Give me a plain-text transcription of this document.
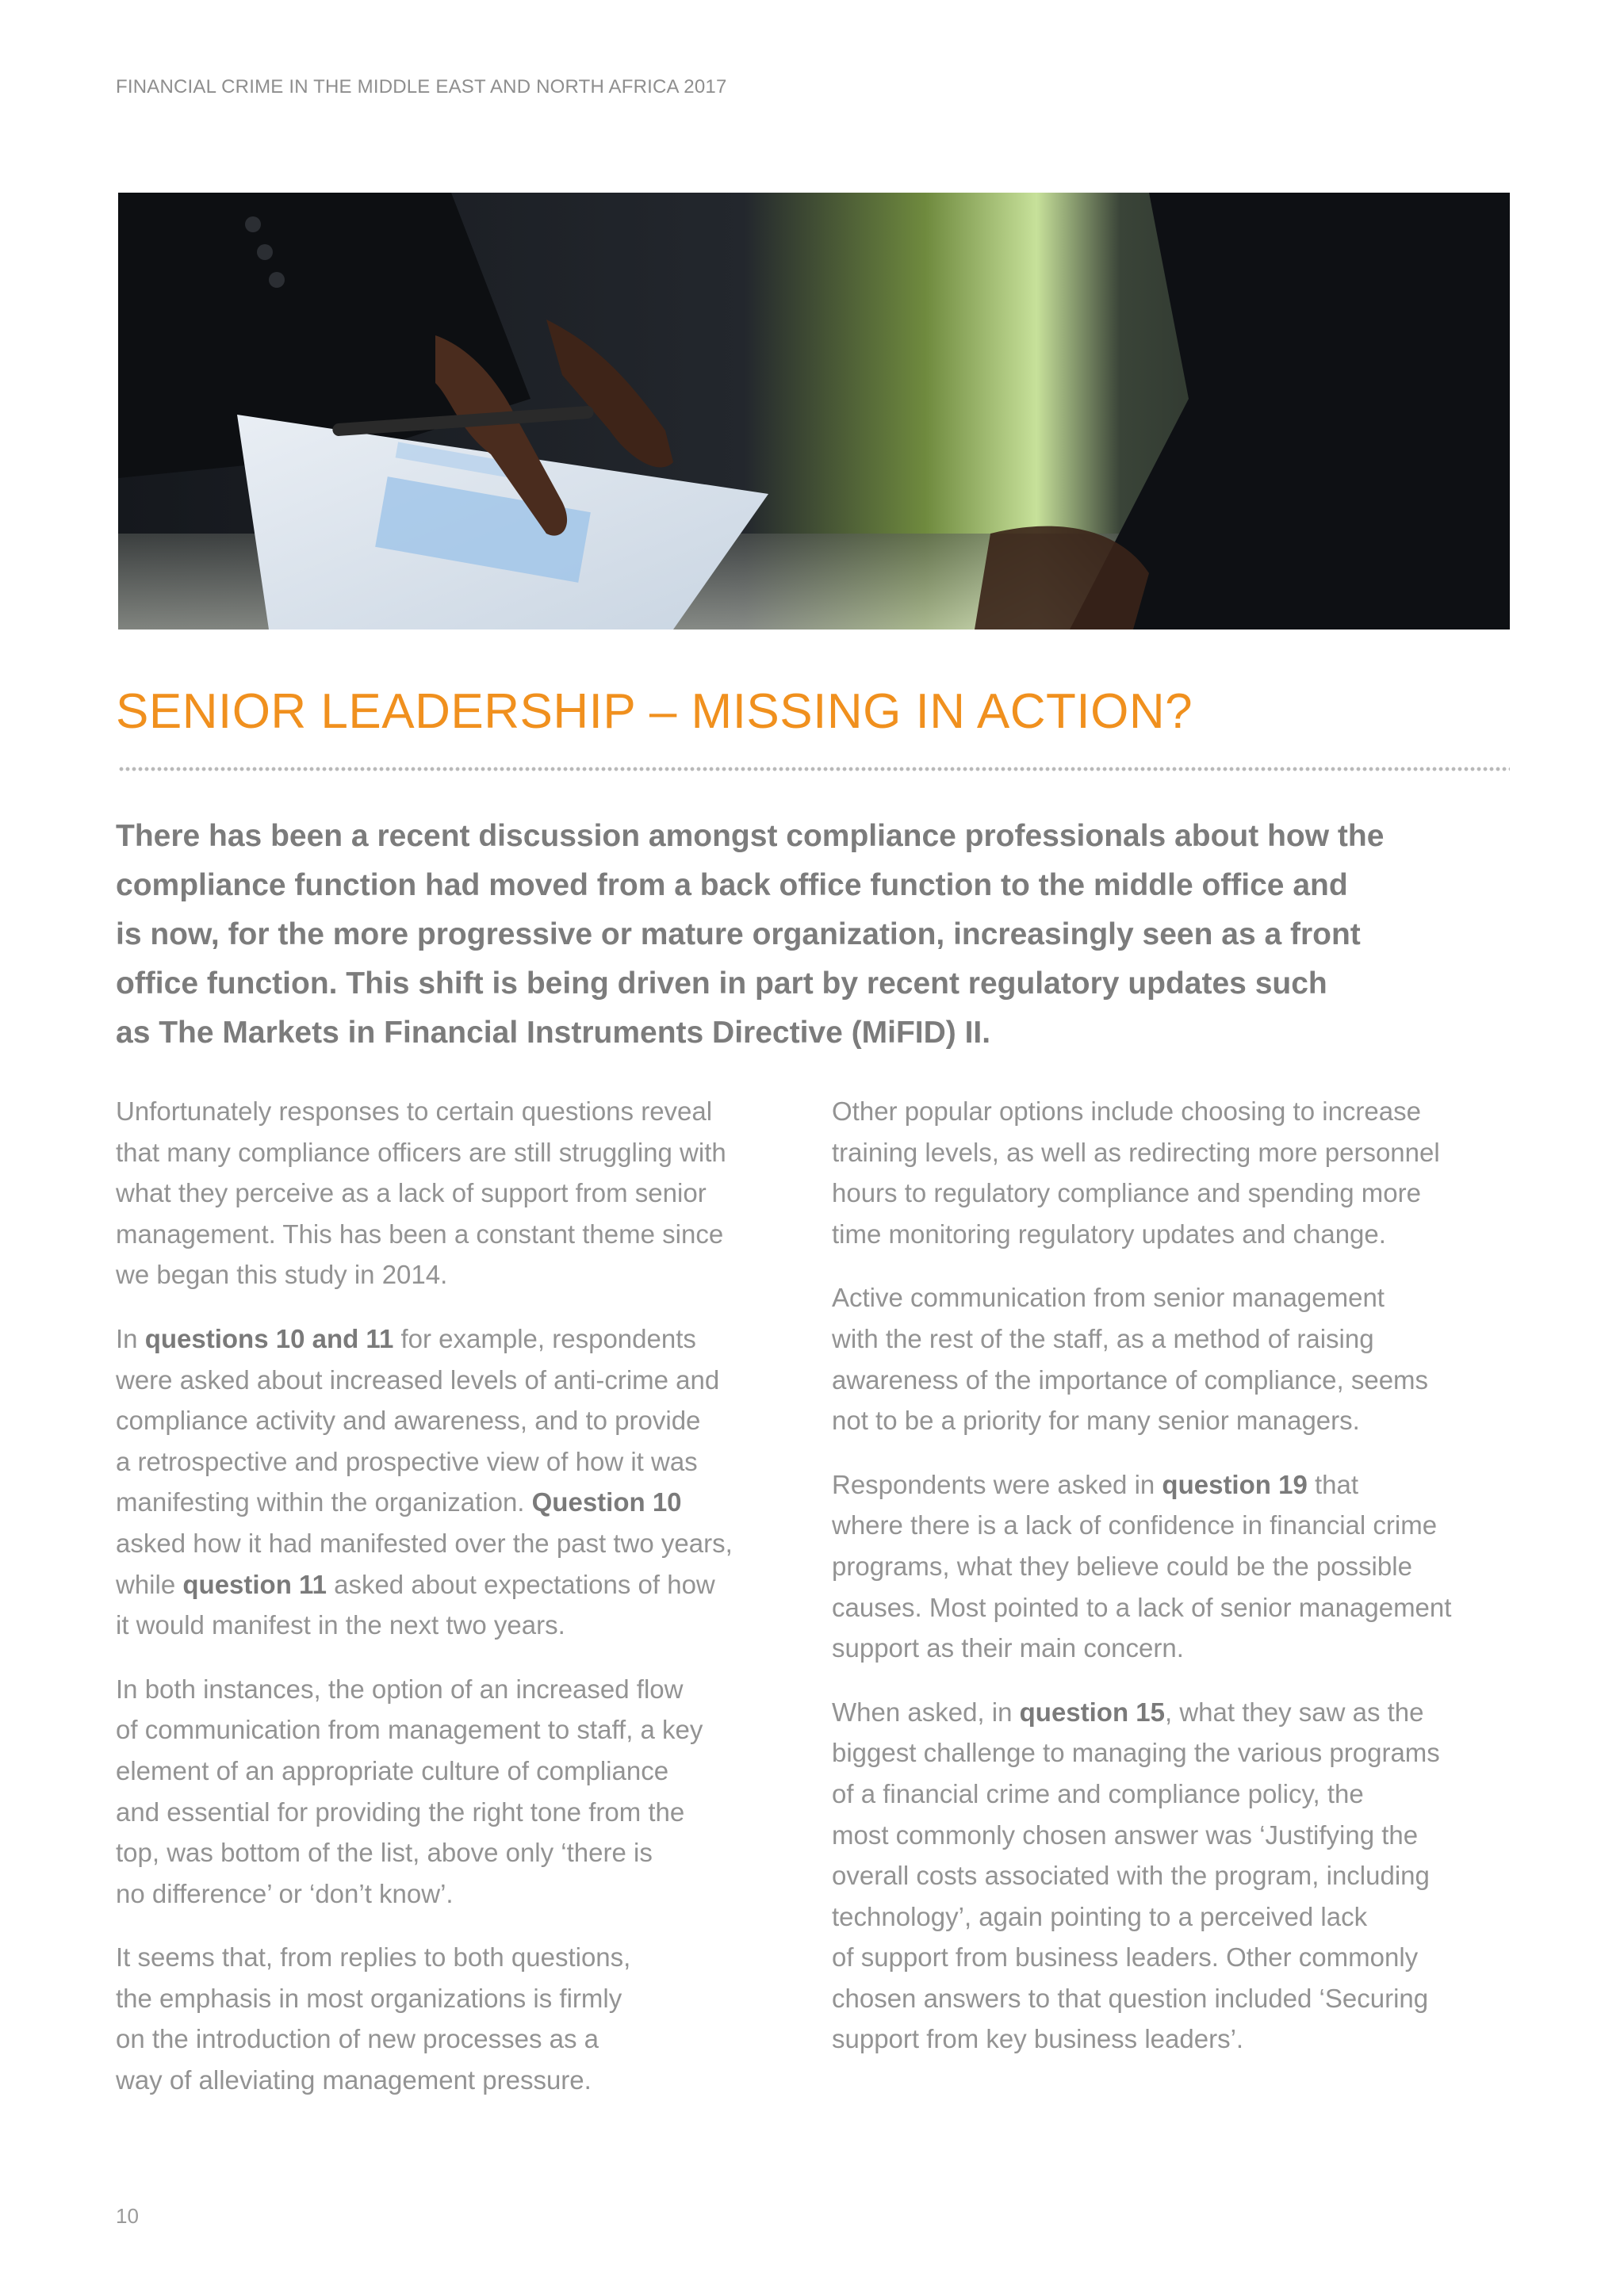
FINANCIAL CRIME IN THE MIDDLE EAST AND NORTH AFRICA 2017
SENIOR LEADERSHIP – MISSING IN ACTION?
There has been a recent discussion amongst compliance professionals about how the
compliance function had moved from a back office function to the middle office and
is now, for the more progressive or mature organization, increasingly seen as a front
office function. This shift is being driven in part by recent regulatory updates such
as The Markets in Financial Instruments Directive (MiFID) II.

Unfortunately responses to certain questions reveal
that many compliance officers are still struggling with
what they perceive as a lack of support from senior
management. This has been a constant theme since
we began this study in 2014.

In questions 10 and 11 for example, respondents
were asked about increased levels of anti-crime and
compliance activity and awareness, and to provide
a retrospective and prospective view of how it was
manifesting within the organization. Question 10
asked how it had manifested over the past two years,
while question 11 asked about expectations of how
it would manifest in the next two years.

In both instances, the option of an increased flow
of communication from management to staff, a key
element of an appropriate culture of compliance
and essential for providing the right tone from the
top, was bottom of the list, above only ‘there is
no difference’ or ‘don’t know’.

It seems that, from replies to both questions,
the emphasis in most organizations is firmly
on the introduction of new processes as a
way of alleviating management pressure.

Other popular options include choosing to increase
training levels, as well as redirecting more personnel
hours to regulatory compliance and spending more
time monitoring regulatory updates and change.

Active communication from senior management
with the rest of the staff, as a method of raising
awareness of the importance of compliance, seems
not to be a priority for many senior managers.

Respondents were asked in question 19 that
where there is a lack of confidence in financial crime
programs, what they believe could be the possible
causes. Most pointed to a lack of senior management
support as their main concern.

When asked, in question 15, what they saw as the
biggest challenge to managing the various programs
of a financial crime and compliance policy, the
most commonly chosen answer was ‘Justifying the
overall costs associated with the program, including
technology’, again pointing to a perceived lack
of support from business leaders. Other commonly
chosen answers to that question included ‘Securing
support from key business leaders’.

10
